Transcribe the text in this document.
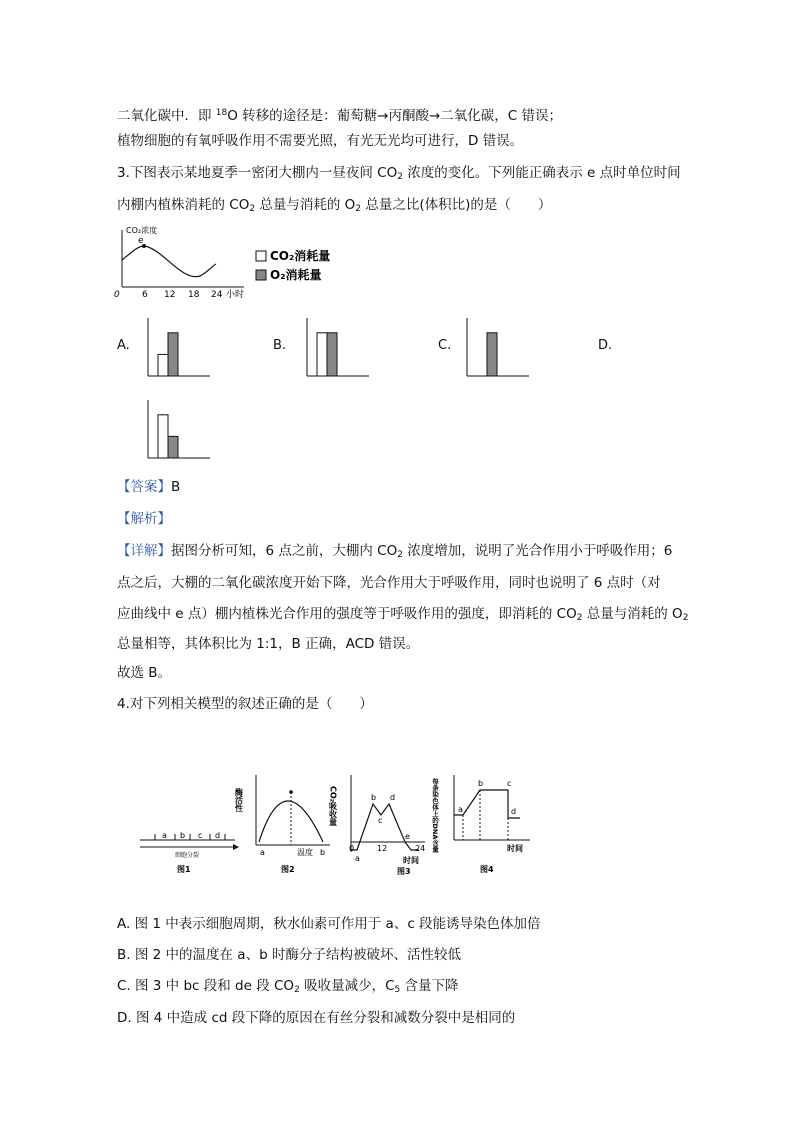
二氧化碳中．即 $^{18}$O 转移的途径是：葡萄糖→丙酮酸→二氧化碳，C 错误；
植物细胞的有氧呼吸作用不需要光照，有光无光均可进行，D 错误。
3.下图表示某地夏季一密闭大棚内一昼夜间 $CO_2$ 浓度的变化。下列能正确表示 e 点时单位时间
内棚内植株消耗的 $CO_2$ 总量与消耗的 $O_2$ 总量之比(体积比)的是（　　）
CO₂浓度
e
0 6 12 18 24 小时
CO₂消耗量
O₂消耗量
A.	B.	C.	D.
【答案】B
【解析】
【详解】据图分析可知，6 点之前，大棚内 $CO_2$ 浓度增加，说明了光合作用小于呼吸作用；6
点之后，大棚的二氧化碳浓度开始下降，光合作用大于呼吸作用，同时也说明了 6 点时（对
应曲线中 e 点）棚内植株光合作用的强度等于呼吸作用的强度，即消耗的 $CO_2$ 总量与消耗的 $O_2$
总量相等，其体积比为 1:1，B 正确，ACD 错误。
故选 B。
4.对下列相关模型的叙述正确的是（　　）
a b c d
细胞分裂
图1
酶活性
a	温度 b
图2
CO₂吸收量	b
c
d
0
a
12
e
24
时间
图3
每条染色体上的DNA含量 a
b	c
d
时间
图4
A. 图 1 中表示细胞周期，秋水仙素可作用于 a、c 段能诱导染色体加倍
B. 图 2 中的温度在 a、b 时酶分子结构被破坏、活性较低
C. 图 3 中 bc 段和 de 段 $CO_2$ 吸收量减少，$C_5$ 含量下降
D. 图 4 中造成 cd 段下降的原因在有丝分裂和减数分裂中是相同的
